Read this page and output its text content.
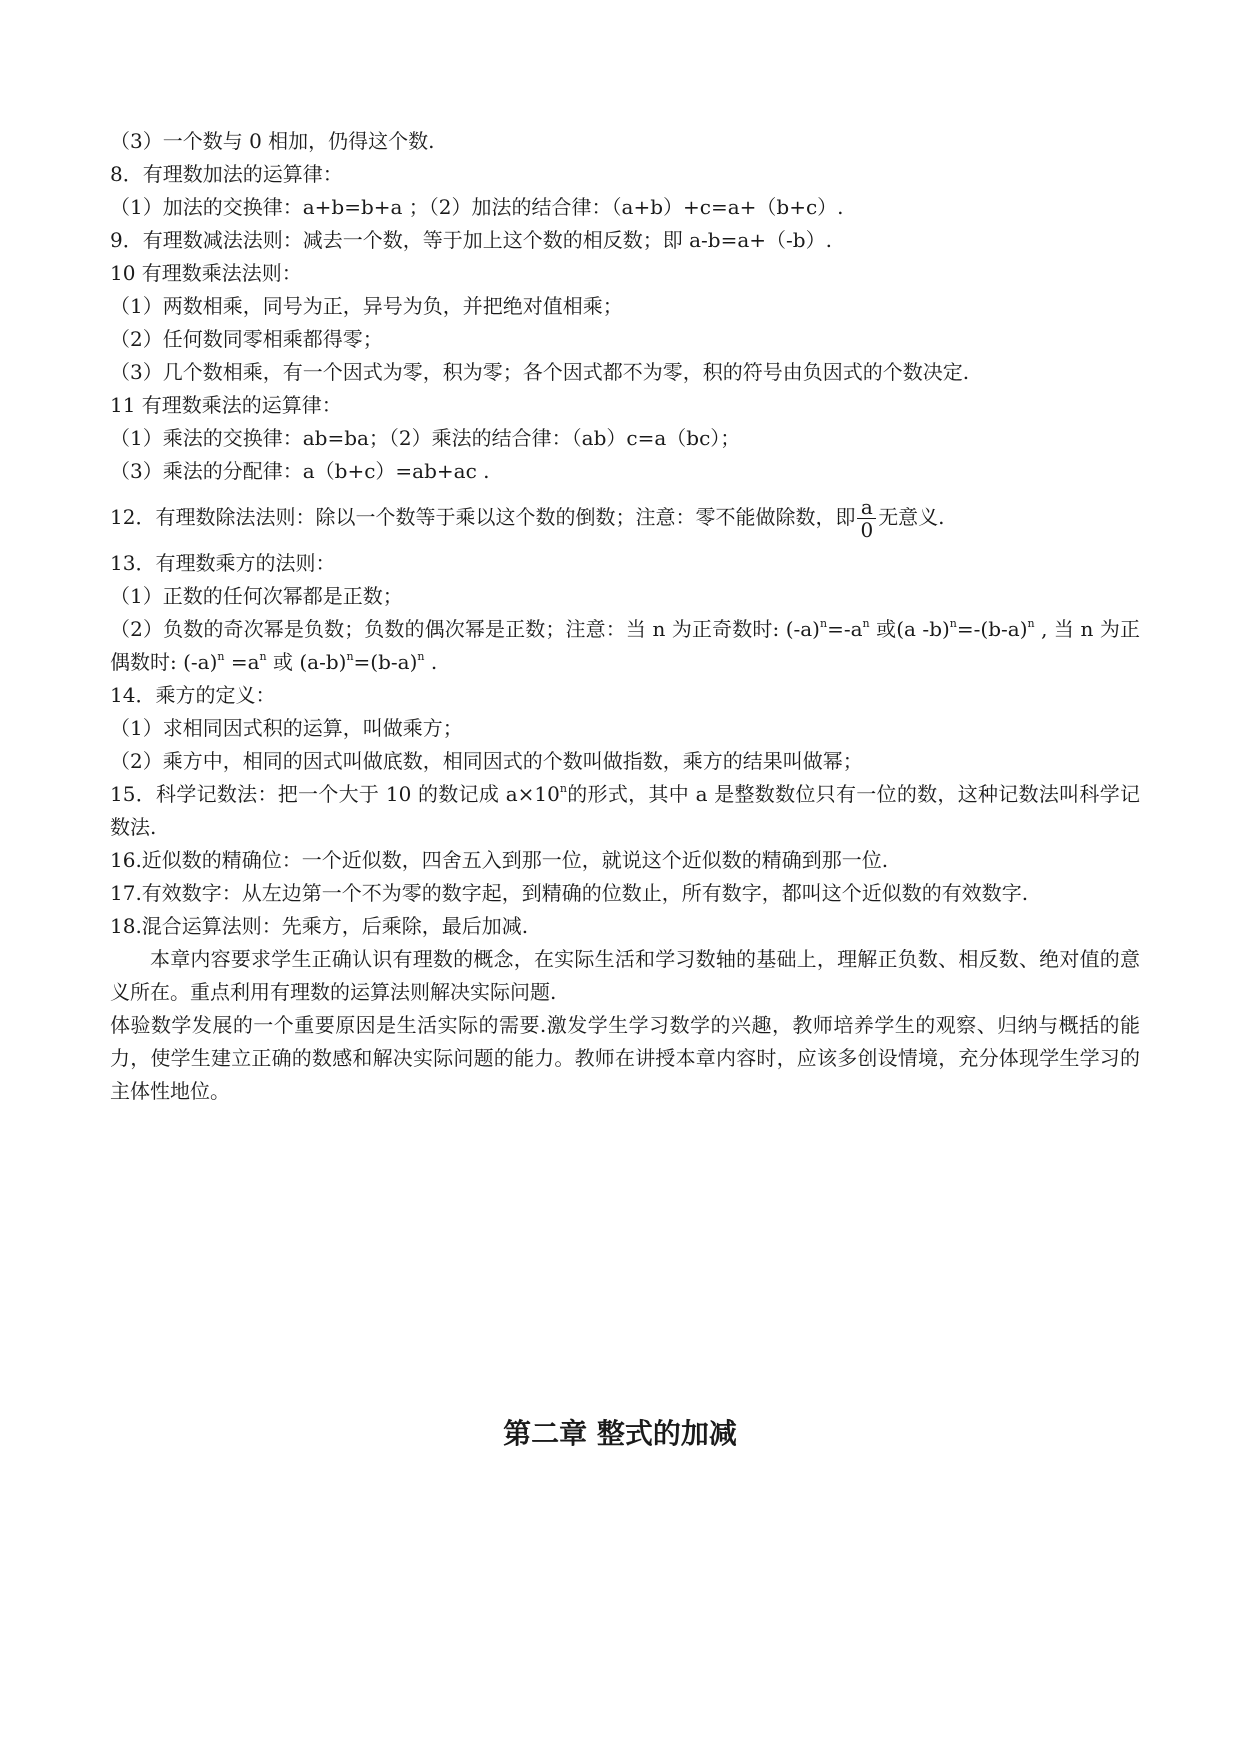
（3）一个数与 0 相加，仍得这个数.
8．有理数加法的运算律：
（1）加法的交换律：a+b=b+a ；（2）加法的结合律：（a+b）+c=a+（b+c）.
9．有理数减法法则：减去一个数，等于加上这个数的相反数；即 a-b=a+（-b）.
10 有理数乘法法则：
（1）两数相乘，同号为正，异号为负，并把绝对值相乘；
（2）任何数同零相乘都得零；
（3）几个数相乘，有一个因式为零，积为零；各个因式都不为零，积的符号由负因式的个数决定.
11 有理数乘法的运算律：
（1）乘法的交换律：ab=ba；（2）乘法的结合律：（ab）c=a（bc）；
（3）乘法的分配律：a（b+c）=ab+ac .
12．有理数除法法则：除以一个数等于乘以这个数的倒数；注意：零不能做除数，即 $\frac{a}{0}$ 无意义.
13．有理数乘方的法则：
（1）正数的任何次幂都是正数；
（2）负数的奇次幂是负数；负数的偶次幂是正数；注意：当 n 为正奇数时: $(-a)^n=-a^n$ 或(a $-b)^n=-(b-a)^n$ , 当 n 为正偶数时: $(-a)^n =a^n$ 或 $(a-b)^n=(b-a)^n$ .
14．乘方的定义：
（1）求相同因式积的运算，叫做乘方；
（2）乘方中，相同的因式叫做底数，相同因式的个数叫做指数，乘方的结果叫做幂；
15．科学记数法：把一个大于 10 的数记成 $a\times 10^n$的形式，其中 a 是整数数位只有一位的数，这种记数法叫科学记数法.
16.近似数的精确位：一个近似数，四舍五入到那一位，就说这个近似数的精确到那一位.
17.有效数字：从左边第一个不为零的数字起，到精确的位数止，所有数字，都叫这个近似数的有效数字.
18.混合运算法则：先乘方，后乘除，最后加减.
本章内容要求学生正确认识有理数的概念，在实际生活和学习数轴的基础上，理解正负数、相反数、绝对值的意义所在。重点利用有理数的运算法则解决实际问题.
体验数学发展的一个重要原因是生活实际的需要.激发学生学习数学的兴趣，教师培养学生的观察、归纳与概括的能力，使学生建立正确的数感和解决实际问题的能力。教师在讲授本章内容时，应该多创设情境，充分体现学生学习的主体性地位。
第二章 整式的加减
